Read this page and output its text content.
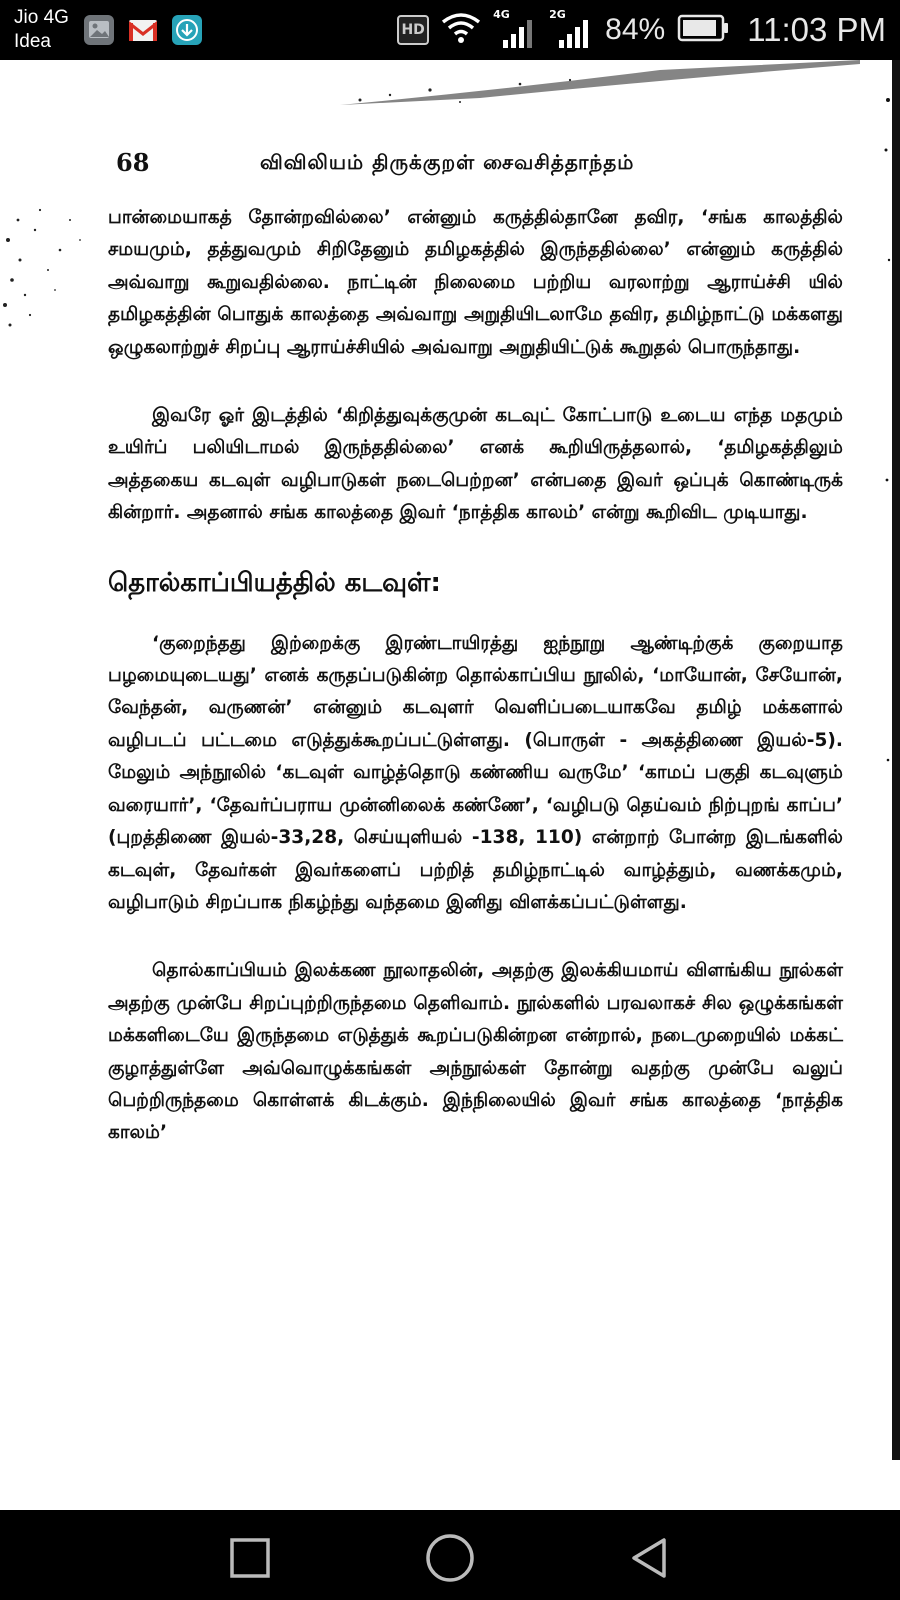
Jio 4G
Idea
HD
4G	2G 84% 11:03 PM
68	விவிலியம் திருக்குறள் சைவசித்தாந்தம்

பான்மையாகத் தோன்றவில்லை’ என்னும் கருத்தில்தானே தவிர, ‘சங்க காலத்தில் சமயமும், தத்துவமும் சிறிதேனும் தமிழகத்தில் இருந்ததில்லை’ என்னும் கருத்தில் அவ்வாறு கூறுவதில்லை. நாட்டின் நிலைமை பற்றிய வரலாற்று ஆராய்ச்சி யில் தமிழகத்தின் பொதுக் காலத்தை அவ்வாறு அறுதியிடலாமே தவிர, தமிழ்நாட்டு மக்களது ஒழுகலாற்றுச் சிறப்பு ஆராய்ச்சியில் அவ்வாறு அறுதியிட்டுக் கூறுதல் பொருந்தாது.

இவரே ஓர் இடத்தில் ‘கிறித்துவுக்குமுன் கடவுட் கோட்பாடு உடைய எந்த மதமும் உயிர்ப் பலியிடாமல் இருந்ததில்லை’ எனக் கூறியிருத்தலால், ‘தமிழகத்திலும் அத்தகைய கடவுள் வழிபாடுகள் நடைபெற்றன’ என்பதை இவர் ஒப்புக் கொண்டிருக் கின்றார். அதனால் சங்க காலத்தை இவர் ‘நாத்திக காலம்’ என்று கூறிவிட முடியாது.

தொல்காப்பியத்தில் கடவுள்:

‘குறைந்தது இற்றைக்கு இரண்டாயிரத்து ஐந்நூறு ஆண்டிற்குக் குறையாத பழமையுடையது’ எனக் கருதப்படுகின்ற தொல்காப்பிய நூலில், ‘மாயோன், சேயோன், வேந்தன், வருணன்’ என்னும் கடவுளர் வெளிப்படையாகவே தமிழ் மக்களால் வழிபடப் பட்டமை எடுத்துக்கூறப்பட்டுள்ளது. (பொருள் - அகத்திணை இயல்-5). மேலும் அந்நூலில் ‘கடவுள் வாழ்த்தொடு கண்ணிய வருமே’ ‘காமப் பகுதி கடவுளும் வரையார்’, ‘தேவர்ப்பராய முன்னிலைக் கண்ணே’, ‘வழிபடு தெய்வம் நிற்புறங் காப்ப’ (புறத்திணை இயல்-33,28, செய்யுளியல் -138, 110) என்றாற் போன்ற இடங்களில் கடவுள், தேவர்கள் இவர்களைப் பற்றித் தமிழ்நாட்டில் வாழ்த்தும், வணக்கமும், வழிபாடும் சிறப்பாக நிகழ்ந்து வந்தமை இனிது விளக்கப்பட்டுள்ளது.

தொல்காப்பியம் இலக்கண நூலாதலின், அதற்கு இலக்கியமாய் விளங்கிய நூல்கள் அதற்கு முன்பே சிறப்புற்றிருந்தமை தெளிவாம். நூல்களில் பரவலாகச் சில ஒழுக்கங்கள் மக்களிடையே இருந்தமை எடுத்துக் கூறப்படுகின்றன என்றால், நடைமுறையில் மக்கட் குழாத்துள்ளே அவ்வொழுக்கங்கள் அந்நூல்கள் தோன்று வதற்கு முன்பே வலுப் பெற்றிருந்தமை கொள்ளக் கிடக்கும். இந்நிலையில் இவர் சங்க காலத்தை ‘நாத்திக காலம்’
